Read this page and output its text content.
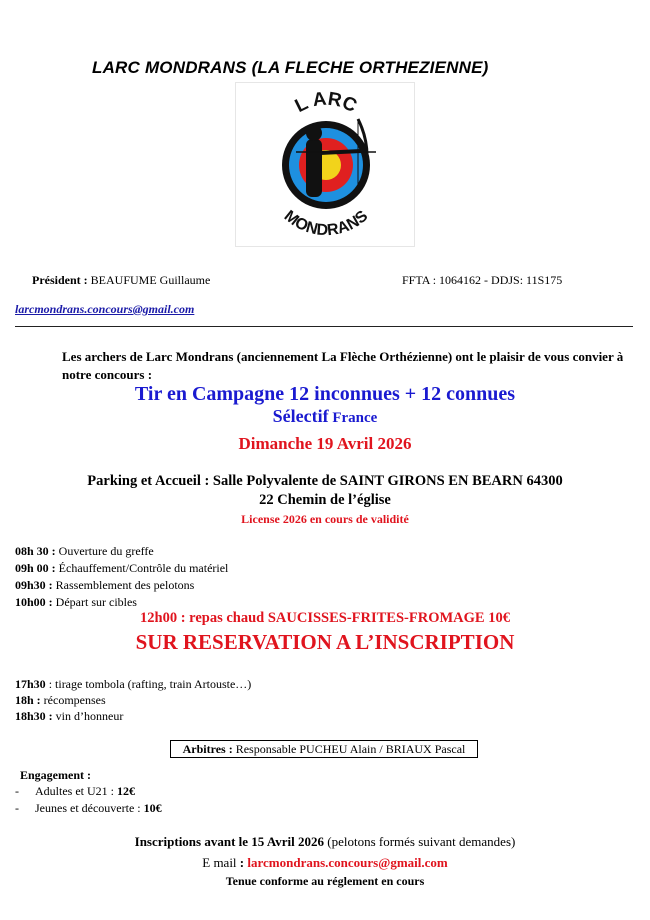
LARC MONDRANS (LA FLECHE ORTHEZIENNE)
L ARC
MONDRANS
Président : BEAUFUME Guillaume	FFTA : 1064162 - DDJS: 11S175
larcmondrans.concours@gmail.com
Les archers de Larc Mondrans (anciennement La Flèche Orthézienne) ont le plaisir de vous convier à notre concours :
Tir en Campagne 12 inconnues + 12 connues
Sélectif France
Dimanche 19 Avril 2026
Parking et Accueil : Salle Polyvalente de SAINT GIRONS EN BEARN 64300
22 Chemin de l’église
License 2026 en cours de validité
08h 30 : Ouverture du greffe
09h 00 : Échauffement/Contrôle du matériel
09h30 : Rassemblement des pelotons
10h00 : Départ sur cibles
12h00 : repas chaud SAUCISSES-FRITES-FROMAGE 10€
SUR RESERVATION A L’INSCRIPTION
17h30 : tirage tombola (rafting, train Artouste…)
18h : récompenses
18h30 : vin d’honneur
Arbitres : Responsable PUCHEU Alain / BRIAUX Pascal
Engagement :
- Adultes et U21 : 12€
- Jeunes et découverte : 10€
Inscriptions avant le 15 Avril 2026 (pelotons formés suivant demandes)
E mail : larcmondrans.concours@gmail.com
Tenue conforme au réglement en cours
